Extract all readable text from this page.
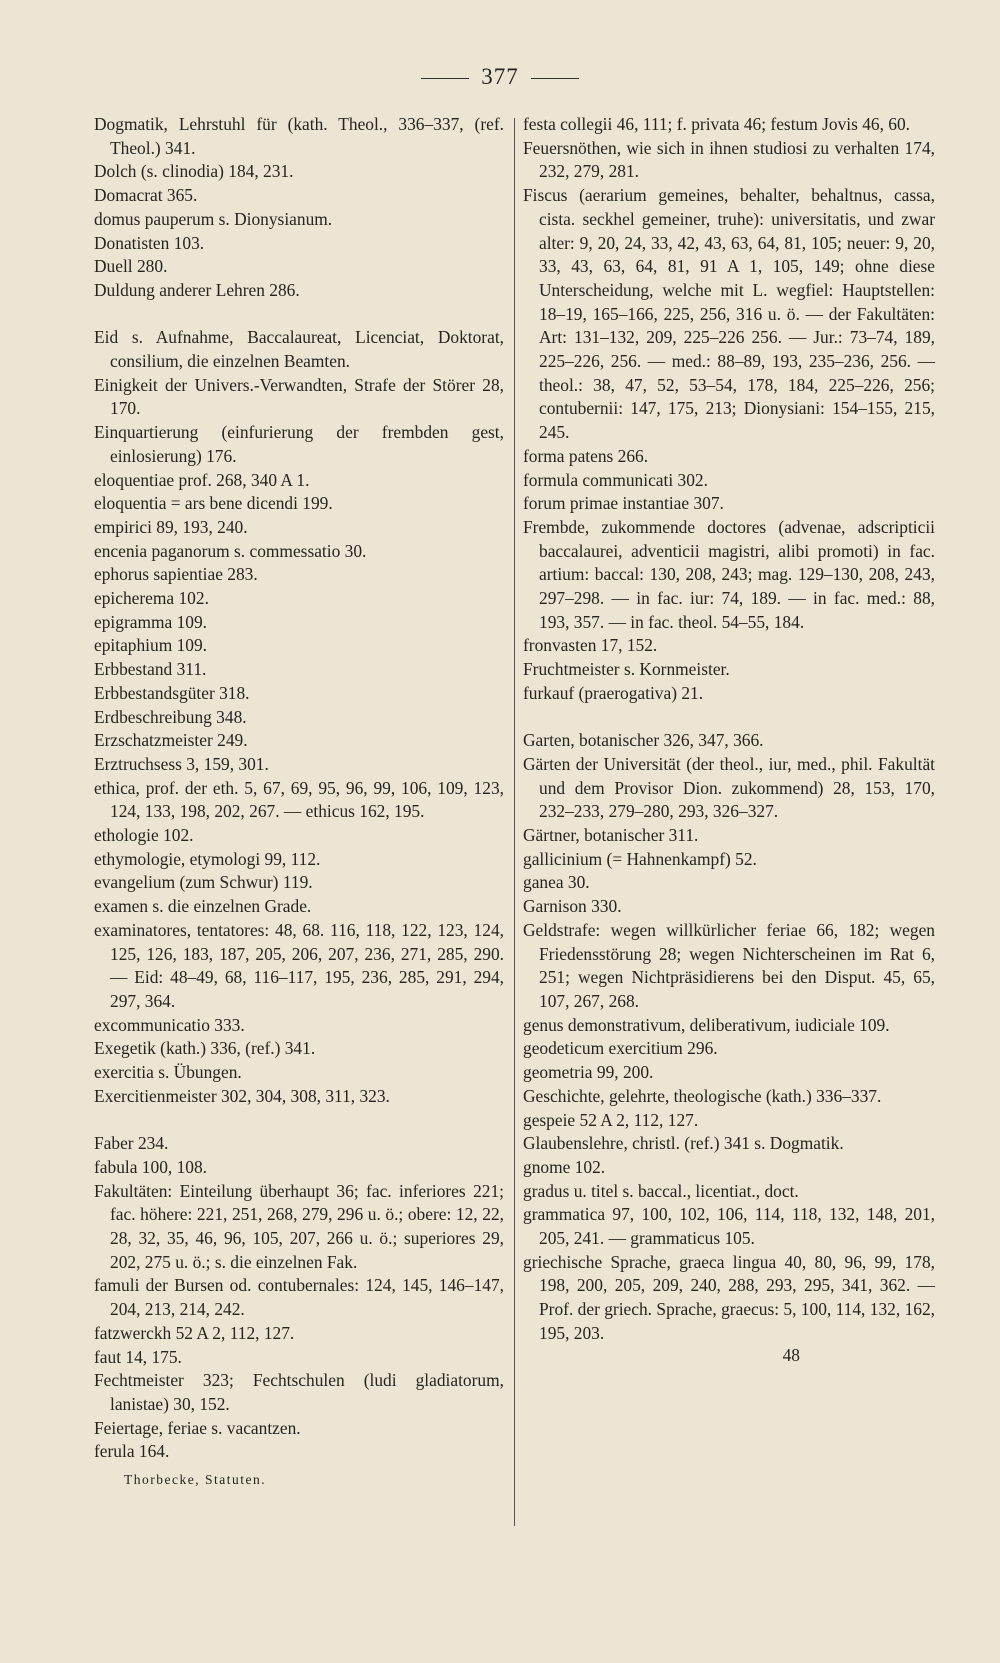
377
Dogmatik, Lehrstuhl für (kath. Theol., 336–337, (ref. Theol.) 341.
Dolch (s. clinodia) 184, 231.
Domacrat 365.
domus pauperum s. Dionysianum.
Donatisten 103.
Duell 280.
Duldung anderer Lehren 286.
Eid s. Aufnahme, Baccalaureat, Licenciat, Doktorat, consilium, die einzelnen Beamten.
Einigkeit der Univers.-Verwandten, Strafe der Störer 28, 170.
Einquartierung (einfurierung der frembden gest, einlosierung) 176.
eloquentiae prof. 268, 340 A 1.
eloquentia = ars bene dicendi 199.
empirici 89, 193, 240.
encenia paganorum s. commessatio 30.
ephorus sapientiae 283.
epicherema 102.
epigramma 109.
epitaphium 109.
Erbbestand 311.
Erbbestandsgüter 318.
Erdbeschreibung 348.
Erzschatzmeister 249.
Erztruchsess 3, 159, 301.
ethica, prof. der eth. 5, 67, 69, 95, 96, 99, 106, 109, 123, 124, 133, 198, 202, 267. — ethicus 162, 195.
ethologie 102.
ethymologie, etymologi 99, 112.
evangelium (zum Schwur) 119.
examen s. die einzelnen Grade.
examinatores, tentatores: 48, 68. 116, 118, 122, 123, 124, 125, 126, 183, 187, 205, 206, 207, 236, 271, 285, 290. — Eid: 48–49, 68, 116–117, 195, 236, 285, 291, 294, 297, 364.
excommunicatio 333.
Exegetik (kath.) 336, (ref.) 341.
exercitia s. Übungen.
Exercitienmeister 302, 304, 308, 311, 323.
Faber 234.
fabula 100, 108.
Fakultäten: Einteilung überhaupt 36; fac. inferiores 221; fac. höhere: 221, 251, 268, 279, 296 u. ö.; obere: 12, 22, 28, 32, 35, 46, 96, 105, 207, 266 u. ö.; superiores 29, 202, 275 u. ö.; s. die einzelnen Fak.
famuli der Bursen od. contubernales: 124, 145, 146–147, 204, 213, 214, 242.
fatzwerckh 52 A 2, 112, 127.
faut 14, 175.
Fechtmeister 323; Fechtschulen (ludi gladiatorum, lanistae) 30, 152.
Feiertage, feriae s. vacantzen.
ferula 164.
Thorbecke, Statuten.
festa collegii 46, 111; f. privata 46; festum Jovis 46, 60.
Feuersnöthen, wie sich in ihnen studiosi zu verhalten 174, 232, 279, 281.
Fiscus (aerarium gemeines, behalter, behaltnus, cassa, cista. seckhel gemeiner, truhe): universitatis, und zwar alter: 9, 20, 24, 33, 42, 43, 63, 64, 81, 105; neuer: 9, 20, 33, 43, 63, 64, 81, 91 A 1, 105, 149; ohne diese Unterscheidung, welche mit L. wegfiel: Hauptstellen: 18–19, 165–166, 225, 256, 316 u. ö. — der Fakultäten: Art: 131–132, 209, 225–226 256. — Jur.: 73–74, 189, 225–226, 256. — med.: 88–89, 193, 235–236, 256. — theol.: 38, 47, 52, 53–54, 178, 184, 225–226, 256; contubernii: 147, 175, 213; Dionysiani: 154–155, 215, 245.
forma patens 266.
formula communicati 302.
forum primae instantiae 307.
Frembde, zukommende doctores (advenae, adscripticii baccalaurei, adventicii magistri, alibi promoti) in fac. artium: baccal: 130, 208, 243; mag. 129–130, 208, 243, 297–298. — in fac. iur: 74, 189. — in fac. med.: 88, 193, 357. — in fac. theol. 54–55, 184.
fronvasten 17, 152.
Fruchtmeister s. Kornmeister.
furkauf (praerogativa) 21.
Garten, botanischer 326, 347, 366.
Gärten der Universität (der theol., iur, med., phil. Fakultät und dem Provisor Dion. zukommend) 28, 153, 170, 232–233, 279–280, 293, 326–327.
Gärtner, botanischer 311.
gallicinium (= Hahnenkampf) 52.
ganea 30.
Garnison 330.
Geldstrafe: wegen willkürlicher feriae 66, 182; wegen Friedensstörung 28; wegen Nichterscheinen im Rat 6, 251; wegen Nichtpräsidierens bei den Disput. 45, 65, 107, 267, 268.
genus demonstrativum, deliberativum, iudiciale 109.
geodeticum exercitium 296.
geometria 99, 200.
Geschichte, gelehrte, theologische (kath.) 336–337.
gespeie 52 A 2, 112, 127.
Glaubenslehre, christl. (ref.) 341 s. Dogmatik.
gnome 102.
gradus u. titel s. baccal., licentiat., doct.
grammatica 97, 100, 102, 106, 114, 118, 132, 148, 201, 205, 241. — grammaticus 105.
griechische Sprache, graeca lingua 40, 80, 96, 99, 178, 198, 200, 205, 209, 240, 288, 293, 295, 341, 362. — Prof. der griech. Sprache, graecus: 5, 100, 114, 132, 162, 195, 203.
48
